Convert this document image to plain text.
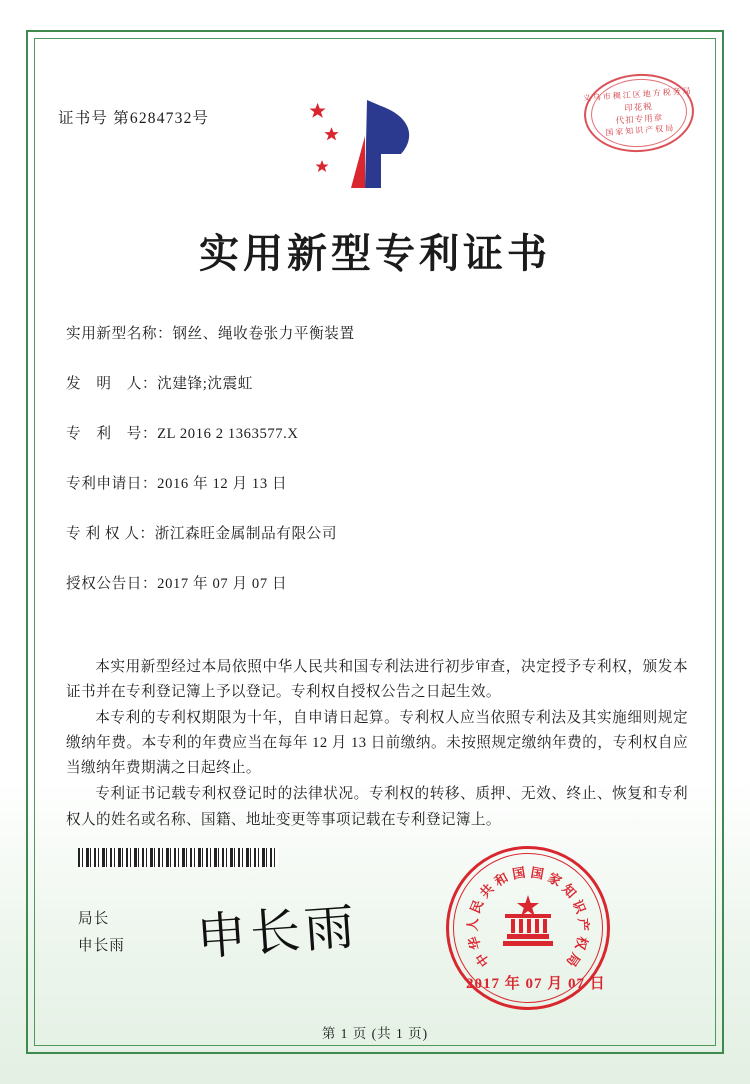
证书号 第6284732号
义乌市稠江区地方税务局
印花税
代扣专用章
国家知识产权局
实用新型专利证书
实用新型名称：钢丝、绳收卷张力平衡装置
发　明　人：沈建锋;沈震虹
专　利　号：ZL 2016 2 1363577.X
专利申请日：2016 年 12 月 13 日
专 利 权 人：浙江森旺金属制品有限公司
授权公告日：2017 年 07 月 07 日

本实用新型经过本局依照中华人民共和国专利法进行初步审查，决定授予专利权，颁发本证书并在专利登记簿上予以登记。专利权自授权公告之日起生效。

本专利的专利权期限为十年，自申请日起算。专利权人应当依照专利法及其实施细则规定缴纳年费。本专利的年费应当在每年 12 月 13 日前缴纳。未按照规定缴纳年费的，专利权自应当缴纳年费期满之日起终止。

专利证书记载专利权登记时的法律状况。专利权的转移、质押、无效、终止、恢复和专利权人的姓名或名称、国籍、地址变更等事项记载在专利登记簿上。

局长
申长雨 申长雨	中
华
人
民
共
和 国 国 家
知
识
产
权
局
2017 年 07 月 07 日
第 1 页 (共 1 页)
